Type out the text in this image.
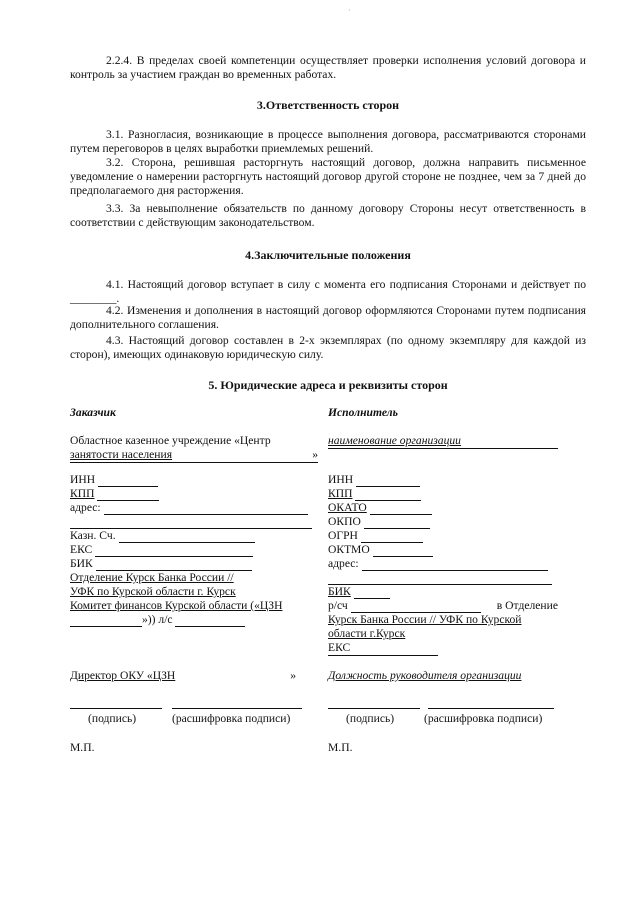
·

2.2.4. В пределах своей компетенции осуществляет проверки исполнения условий договора и контроль за участием граждан во временных работах.

3.Ответственность сторон

3.1. Разногласия, возникающие в процессе выполнения договора, рассматриваются сторонами путем переговоров в целях выработки приемлемых решений.

3.2. Сторона, решившая расторгнуть настоящий договор, должна направить письменное уведомление о намерении расторгнуть настоящий договор другой стороне не позднее, чем за 7 дней до предполагаемого дня расторжения.

3.3. За невыполнение обязательств по данному договору Стороны несут ответственность в соответствии с действующим законодательством.

4.Заключительные положения

4.1. Настоящий договор вступает в силу с момента его подписания Сторонами и действует по ________.

4.2. Изменения и дополнения в настоящий договор оформляются Сторонами путем подписания дополнительного соглашения.

4.3. Настоящий договор составлен в 2-х экземплярах (по одному экземпляру для каждой из сторон), имеющих одинаковую юридическую силу.

5. Юридические адреса и реквизиты сторон
Заказчик
Областное казенное учреждение «Центр
занятости населения	»
ИНН
КПП
адрес:
Казн. Сч.
ЕКС
БИК
Отделение Курск Банка России //
УФК по Курской области г. Курск
Комитет финансов Курской области («ЦЗН
»)) л/с
Директор ОКУ «ЦЗН	»
(подпись)	(расшифровка подписи)
М.П.
Исполнитель
наименование организации
ИНН
КПП
ОКАТО
ОКПО
ОГРН
ОКТМО
адрес:
БИК
р/сч	в Отделение
Курск Банка России // УФК по Курской
области г.Курск
ЕКС
Должность руководителя организации
(подпись)	(расшифровка подписи)
М.П.
